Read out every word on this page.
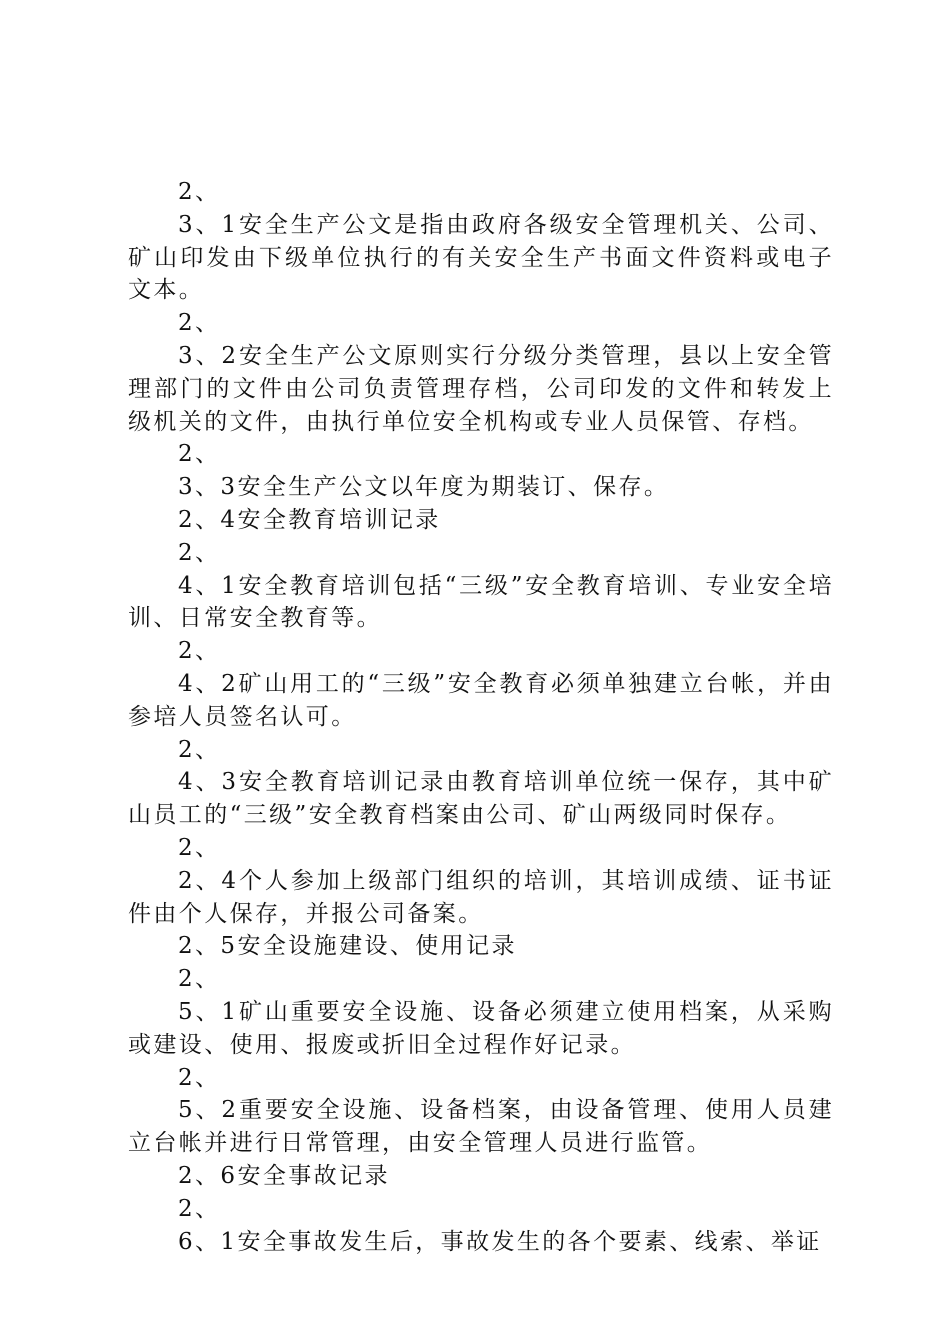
2、

3、1安全生产公文是指由政府各级安全管理机关、公司、矿山印发由下级单位执行的有关安全生产书面文件资料或电子文本。

2、

3、2安全生产公文原则实行分级分类管理，县以上安全管理部门的文件由公司负责管理存档，公司印发的文件和转发上级机关的文件，由执行单位安全机构或专业人员保管、存档。

2、

3、3安全生产公文以年度为期装订、保存。

2、4安全教育培训记录

2、

4、1安全教育培训包括“三级”安全教育培训、专业安全培训、日常安全教育等。

2、

4、2矿山用工的“三级”安全教育必须单独建立台帐，并由参培人员签名认可。

2、

4、3安全教育培训记录由教育培训单位统一保存，其中矿山员工的“三级”安全教育档案由公司、矿山两级同时保存。

2、

2、4个人参加上级部门组织的培训，其培训成绩、证书证件由个人保存，并报公司备案。

2、5安全设施建设、使用记录

2、

5、1矿山重要安全设施、设备必须建立使用档案，从采购或建设、使用、报废或折旧全过程作好记录。

2、

5、2重要安全设施、设备档案，由设备管理、使用人员建立台帐并进行日常管理，由安全管理人员进行监管。

2、6安全事故记录

2、

6、1安全事故发生后，事故发生的各个要素、线索、举证
